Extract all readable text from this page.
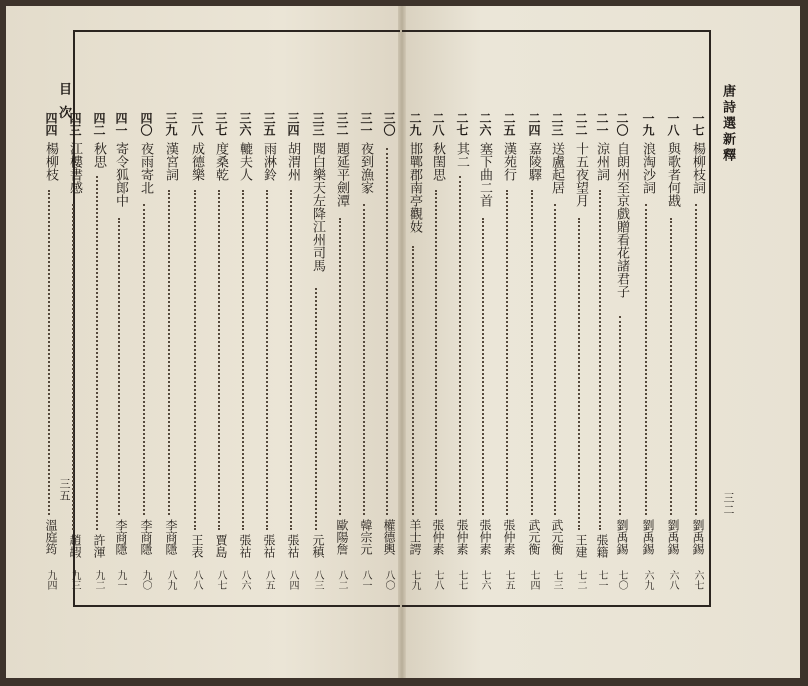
目 次
三五
唐詩選新釋
三二
一七
楊柳枝詞
劉禹錫
六七
一八
與歌者何戡
劉禹錫
六八
一九
浪淘沙詞
劉禹錫
六九
二〇
自朗州至京戲贈看花諸君子
劉禹錫
七〇
二一
涼州詞
張籍
七一
二二
十五夜望月
王建
七二
二三
送盧起居
武元衡
七三
二四
嘉陵驛
武元衡
七四
二五
漢苑行
張仲素
七五
二六
塞下曲二首
張仲素
七六
二七
其二
張仲素
七七
二八
秋閨思
張仲素
七八
二九
邯鄲郡南亭觀妓
羊士諤
七九
三〇
權德輿
八〇
三一
夜到漁家
韓宗元
八一
三二
題延平劍潭
歐陽詹
八二
三三
聞白樂天左降江州司馬
元稹
八三
三四
胡渭州
張祜
八四
三五
雨淋鈴
張祜
八五
三六
轆夫人
張祜
八六
三七
度桑乾
賈島
八七
三八
成德樂
王表
八八
三九
漢宮詞
李商隱
八九
四〇
夜雨寄北
李商隱
九〇
四一
寄令狐郎中
李商隱
九一
四二
秋思
許渾
九二
四三
江樓書感
趙嘏
九三
四四
楊柳枝
溫庭筠
九四
